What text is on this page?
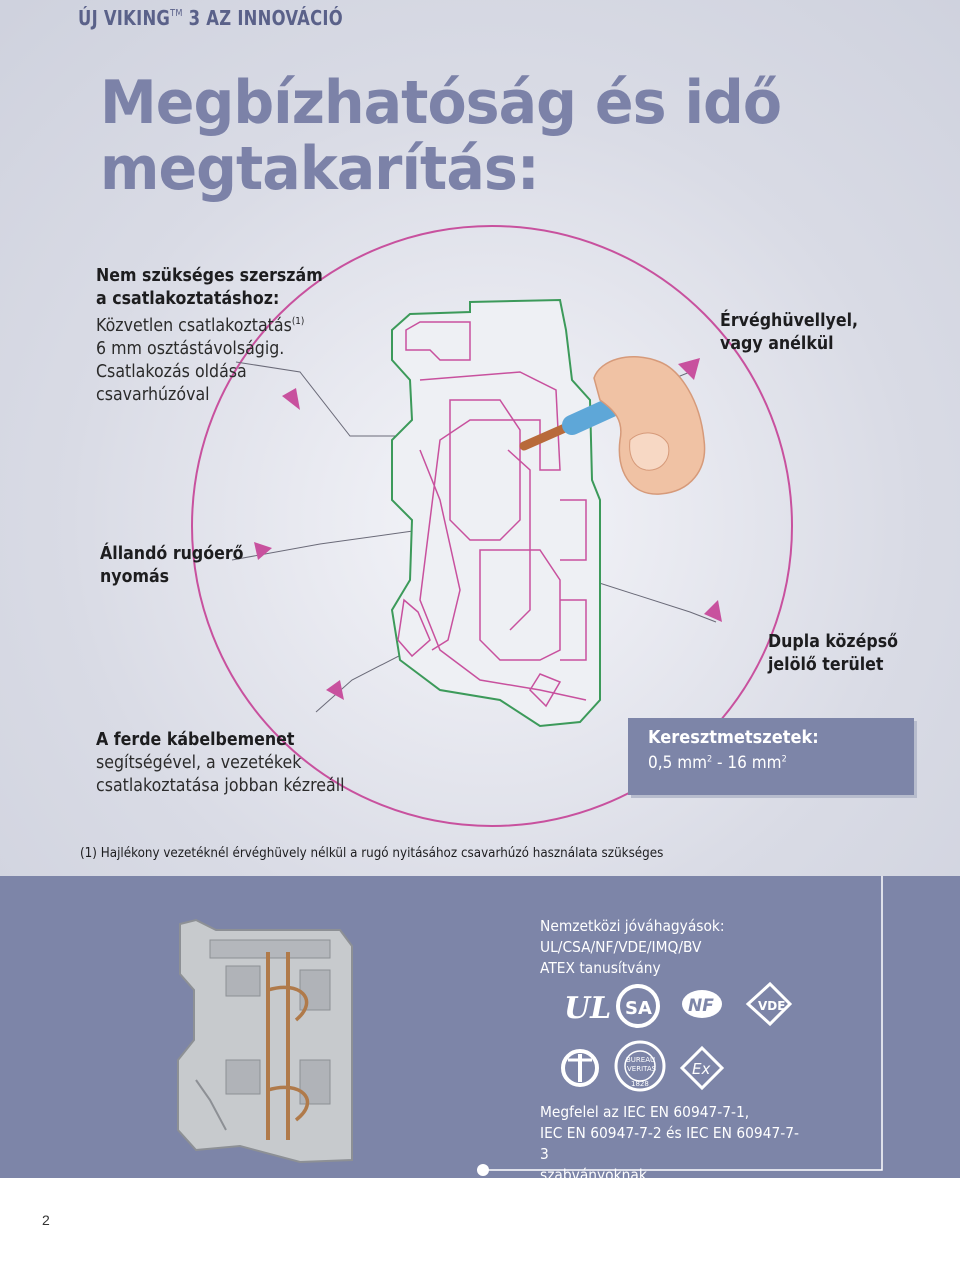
ÚJ VIKING™ 3 AZ INNOVÁCIÓ
Megbízhatóság és idő
megtakarítás:
Nem szükséges szerszám
a csatlakoztatáshoz:
Közvetlen csatlakoztatás$^{(1)}$
6 mm osztástávolságig.
Csatlakozás oldása
csavarhúzóval
Érvéghüvellyel,
vagy anélkül
Állandó rugóerő
nyomás
Dupla középső
jelölő terület
A ferde kábelbemenet
segítségével, a vezetékek
csatlakoztatása jobban kézreáll
Keresztmetszetek:
0,5 $mm^2 - 16$ $mm^2$
(1) Hajlékony vezetéknél érvéghüvely nélkül a rugó nyitásához csavarhúzó használata szükséges
UL SA NF	VDE
BUREAU
VERITAS
1828
Ex
Nemzetközi jóváhagyások:
UL/CSA/NF/VDE/IMQ/BV
ATEX tanusítvány
Megfelel az IEC EN 60947-7-1,
IEC EN 60947-7-2 és IEC EN 60947-7-3
szabványoknak
2
